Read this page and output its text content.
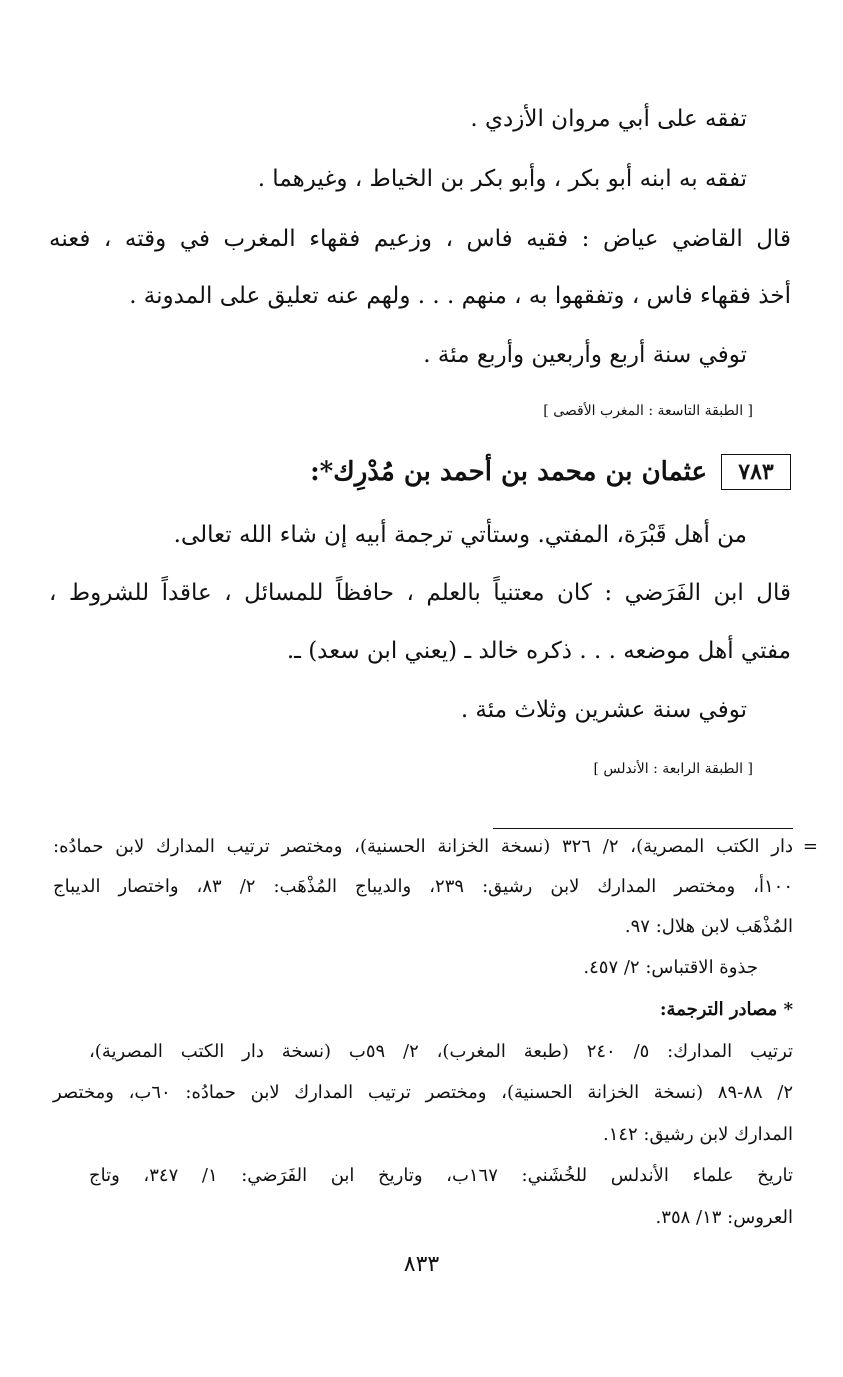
تفقه على أبي مروان الأزدي .

تفقه به ابنه أبو بكر ، وأبو بكر بن الخياط ، وغيرهما .

قال القاضي عياض : فقيه فاس ، وزعيم فقهاء المغرب في وقته ، فعنه

أخذ فقهاء فاس ، وتفقهوا به ، منهم . . . ولهم عنه تعليق على المدونة .

توفي سنة أربع وأربعين وأربع مئة .

[ الطبقة التاسعة : المغرب الأقصى ]

٧٨٣
عثمان بن محمد بن أحمد بن مُدْرِك*:

من أهل قَبْرَة، المفتي. وستأتي ترجمة أبيه إن شاء الله تعالى.

قال ابن الفَرَضي : كان معتنياً بالعلم ، حافظاً للمسائل ، عاقداً للشروط ،

مفتي أهل موضعه . . . ذكره خالد ـ (يعني ابن سعد) ـ.

توفي سنة عشرين وثلاث مئة .

[ الطبقة الرابعة : الأندلس ]

=

دار الكتب المصرية)، ٢/ ٣٢٦ (نسخة الخزانة الحسنية)، ومختصر ترتيب المدارك لابن حمادُه:

١٠٠أ، ومختصر المدارك لابن رشيق: ٢٣٩، والديباج المُذْهَب: ٢/ ٨٣، واختصار الديباج

المُذْهَب لابن هلال: ٩٧.

جذوة الاقتباس: ٢/ ٤٥٧.

* مصادر الترجمة:

ترتيب المدارك: ٥/ ٢٤٠ (طبعة المغرب)، ٢/ ٥٩ب (نسخة دار الكتب المصرية)،

٢/ ٨٨-٨٩ (نسخة الخزانة الحسنية)، ومختصر ترتيب المدارك لابن حمادُه: ٦٠ب، ومختصر

المدارك لابن رشيق: ١٤٢.

تاريخ علماء الأندلس للخُشَني: ١٦٧ب، وتاريخ ابن الفَرَضي: ١/ ٣٤٧، وتاج

العروس: ١٣/ ٣٥٨.

٨٣٣
